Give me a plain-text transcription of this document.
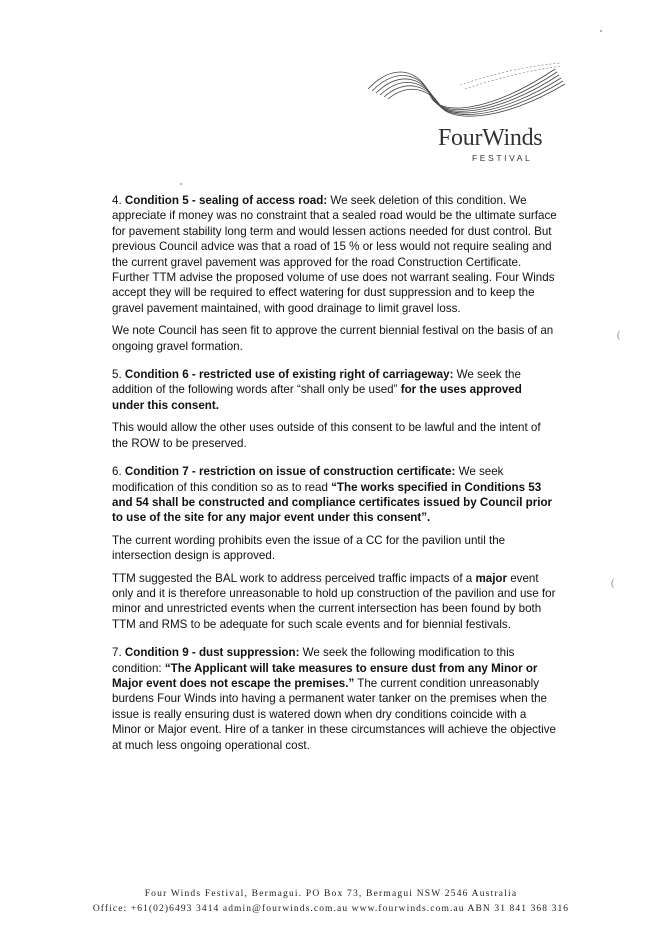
FourWinds
FESTIVAL

4. Condition 5 - sealing of access road: We seek deletion of this condition. We appreciate if money was no constraint that a sealed road would be the ultimate surface for pavement stability long term and would lessen actions needed for dust control. But previous Council advice was that a road of 15 % or less would not require sealing and the current gravel pavement was approved for the road Construction Certificate. Further TTM advise the proposed volume of use does not warrant sealing. Four Winds accept they will be required to effect watering for dust suppression and to keep the gravel pavement maintained, with good drainage to limit gravel loss.

We note Council has seen fit to approve the current biennial festival on the basis of an ongoing gravel formation.

5. Condition 6 - restricted use of existing right of carriageway: We seek the addition of the following words after “shall only be used” for the uses approved under this consent.

This would allow the other uses outside of this consent to be lawful and the intent of the ROW to be preserved.

6. Condition 7 - restriction on issue of construction certificate: We seek modification of this condition so as to read “The works specified in Conditions 53 and 54 shall be constructed and compliance certificates issued by Council prior to use of the site for any major event under this consent”.

The current wording prohibits even the issue of a CC for the pavilion until the intersection design is approved.

TTM suggested the BAL work to address perceived traffic impacts of a major event only and it is therefore unreasonable to hold up construction of the pavilion and use for minor and unrestricted events when the current intersection has been found by both TTM and RMS to be adequate for such scale events and for biennial festivals.

7. Condition 9 - dust suppression: We seek the following modification to this condition: “The Applicant will take measures to ensure dust from any Minor or Major event does not escape the premises.” The current condition unreasonably burdens Four Winds into having a permanent water tanker on the premises when the issue is really ensuring dust is watered down when dry conditions coincide with a Minor or Major event. Hire of a tanker in these circumstances will achieve the objective at much less ongoing operational cost.

(
(
Four Winds Festival, Bermagui. PO Box 73, Bermagui NSW 2546 Australia
Office: +61(02)6493 3414 admin@fourwinds.com.au www.fourwinds.com.au ABN 31 841 368 316
